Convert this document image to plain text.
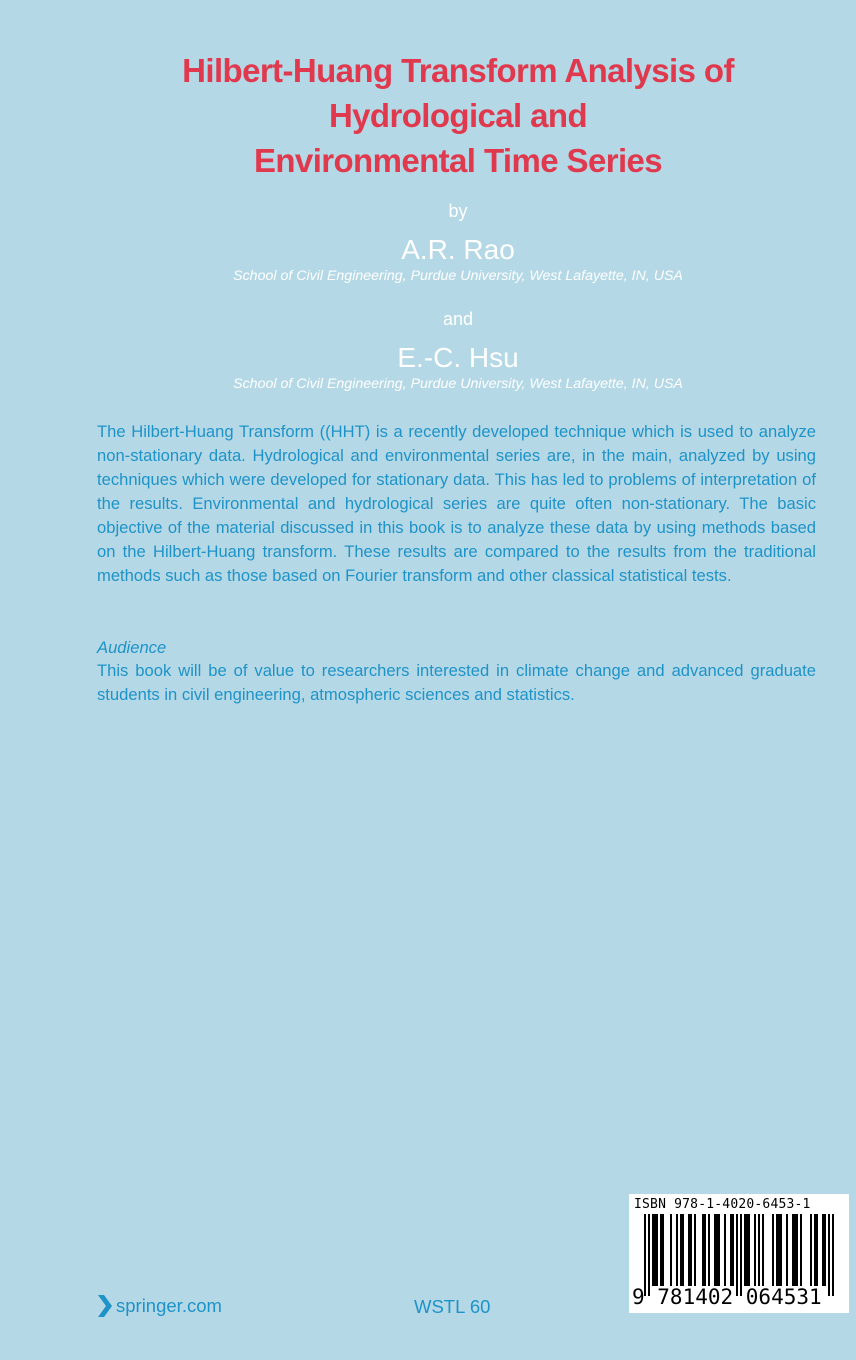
Hilbert-Huang Transform Analysis of
Hydrological and
Environmental Time Series
by
A.R. Rao
School of Civil Engineering, Purdue University, West Lafayette, IN, USA
and
E.-C. Hsu
School of Civil Engineering, Purdue University, West Lafayette, IN, USA

The Hilbert-Huang Transform ((HHT) is a recently developed technique which is used to analyze non-stationary data. Hydrological and environmental series are, in the main, analyzed by using techniques which were developed for stationary data. This has led to problems of interpretation of the results. Environmental and hydrological series are quite often non-stationary. The basic objective of the material discussed in this book is to analyze these data by using methods based on the Hilbert-Huang transform. These results are compared to the results from the traditional methods such as those based on Fourier transform and other classical statistical tests.

Audience

This book will be of value to researchers interested in climate change and advanced graduate students in civil engineering, atmospheric sciences and statistics.

springer.com	WSTL 60
ISBN 978-1-4020-6453-1
9 781402 064531
